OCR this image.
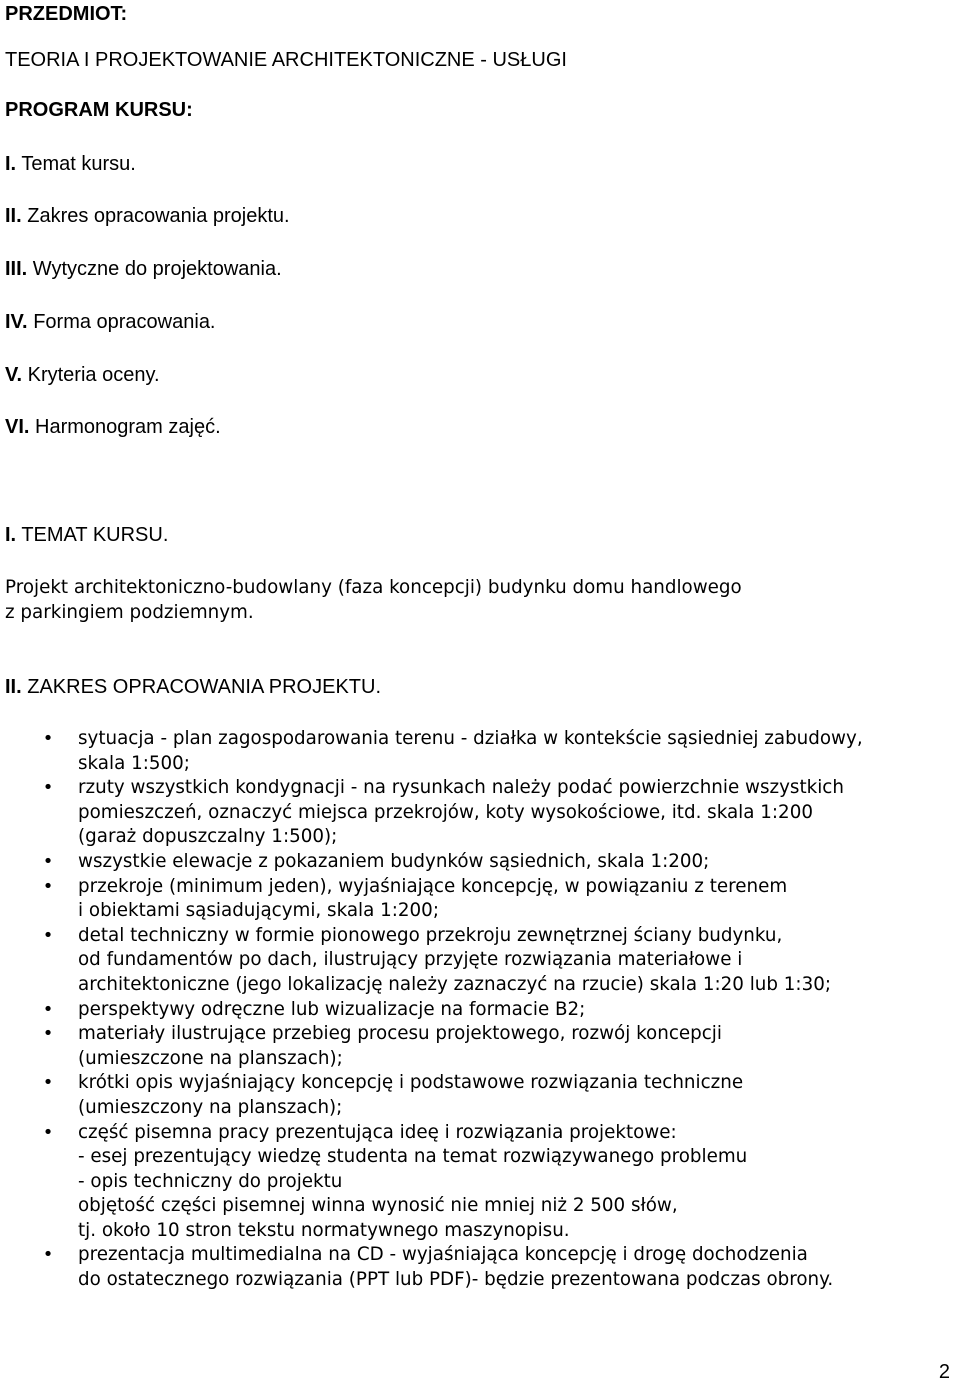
PRZEDMIOT:
TEORIA I PROJEKTOWANIE ARCHITEKTONICZNE - USŁUGI
PROGRAM KURSU:
I. Temat kursu.
II. Zakres opracowania projektu.
III. Wytyczne do projektowania.
IV. Forma opracowania.
V. Kryteria oceny.
VI. Harmonogram zajęć.
I. TEMAT KURSU.
Projekt architektoniczno-budowlany (faza koncepcji) budynku domu handlowego
z parkingiem podziemnym.
II. ZAKRES OPRACOWANIA PROJEKTU.
• sytuacja - plan zagospodarowania terenu - działka w kontekście sąsiedniej zabudowy,
skala 1:500;
• rzuty wszystkich kondygnacji - na rysunkach należy podać powierzchnie wszystkich
pomieszczeń, oznaczyć miejsca przekrojów, koty wysokościowe, itd. skala 1:200
(garaż dopuszczalny 1:500);
• wszystkie elewacje z pokazaniem budynków sąsiednich, skala 1:200;
• przekroje (minimum jeden), wyjaśniające koncepcję, w powiązaniu z terenem
i obiektami sąsiadującymi, skala 1:200;
• detal techniczny w formie pionowego przekroju zewnętrznej ściany budynku,
od fundamentów po dach, ilustrujący przyjęte rozwiązania materiałowe i
architektoniczne (jego lokalizację należy zaznaczyć na rzucie) skala 1:20 lub 1:30;
• perspektywy odręczne lub wizualizacje na formacie B2;
• materiały ilustrujące przebieg procesu projektowego, rozwój koncepcji
(umieszczone na planszach);
• krótki opis wyjaśniający koncepcję i podstawowe rozwiązania techniczne
(umieszczony na planszach);
• część pisemna pracy prezentująca ideę i rozwiązania projektowe:
- esej prezentujący wiedzę studenta na temat rozwiązywanego problemu
- opis techniczny do projektu
objętość części pisemnej winna wynosić nie mniej niż 2 500 słów,
tj. około 10 stron tekstu normatywnego maszynopisu.
• prezentacja multimedialna na CD - wyjaśniająca koncepcję i drogę dochodzenia
do ostatecznego rozwiązania (PPT lub PDF)- będzie prezentowana podczas obrony.
2
